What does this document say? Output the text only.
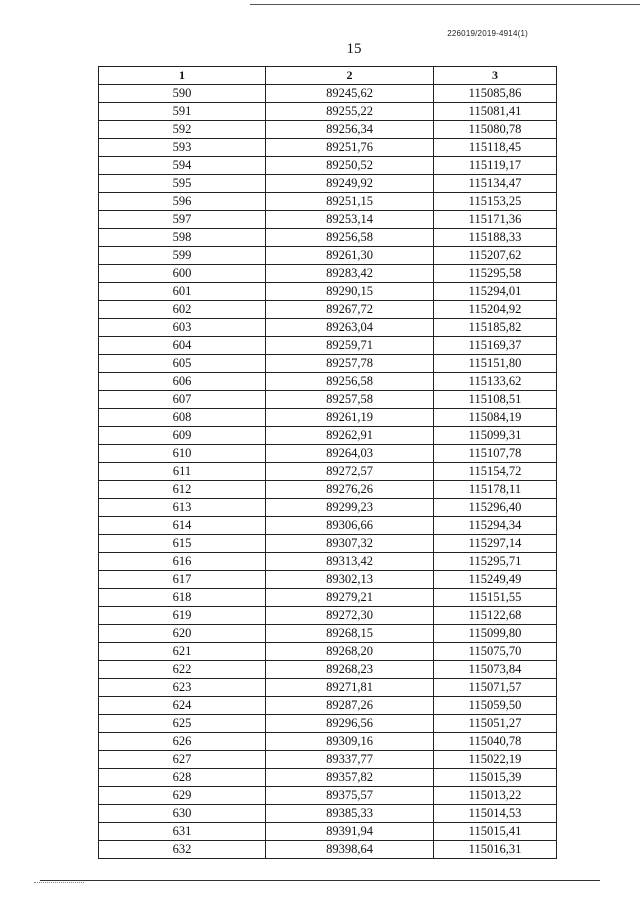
226019/2019-4914(1)
15
1	2	3
590	89245,62	115085,86
591	89255,22	115081,41
592	89256,34	115080,78
593	89251,76	115118,45
594	89250,52	115119,17
595	89249,92	115134,47
596	89251,15	115153,25
597	89253,14	115171,36
598	89256,58	115188,33
599	89261,30	115207,62
600	89283,42	115295,58
601	89290,15	115294,01
602	89267,72	115204,92
603	89263,04	115185,82
604	89259,71	115169,37
605	89257,78	115151,80
606	89256,58	115133,62
607	89257,58	115108,51
608	89261,19	115084,19
609	89262,91	115099,31
610	89264,03	115107,78
611	89272,57	115154,72
612	89276,26	115178,11
613	89299,23	115296,40
614	89306,66	115294,34
615	89307,32	115297,14
616	89313,42	115295,71
617	89302,13	115249,49
618	89279,21	115151,55
619	89272,30	115122,68
620	89268,15	115099,80
621	89268,20	115075,70
622	89268,23	115073,84
623	89271,81	115071,57
624	89287,26	115059,50
625	89296,56	115051,27
626	89309,16	115040,78
627	89337,77	115022,19
628	89357,82	115015,39
629	89375,57	115013,22
630	89385,33	115014,53
631	89391,94	115015,41
632	89398,64	115016,31
